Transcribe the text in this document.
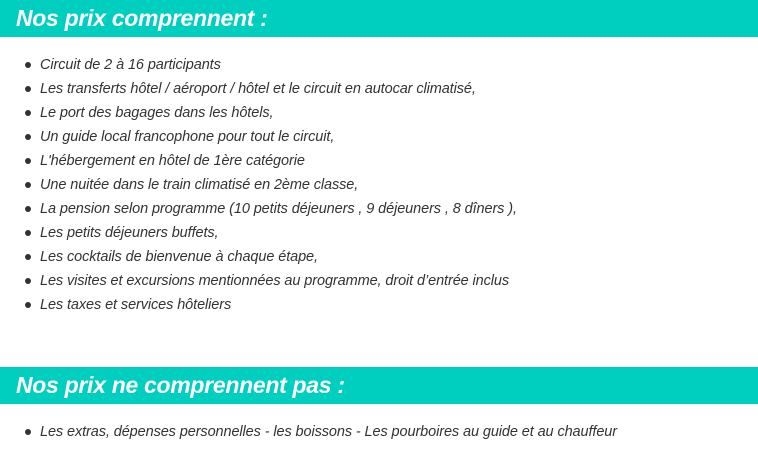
Nos prix comprennent :
Circuit de 2 à 16 participants
Les transferts hôtel / aéroport / hôtel et le circuit en autocar climatisé,
Le port des bagages dans les hôtels,
Un guide local francophone pour tout le circuit,
L'hébergement en hôtel de 1ère catégorie
Une nuitée dans le train climatisé en 2ème classe,
La pension selon programme (10 petits déjeuners , 9 déjeuners , 8 dîners ),
Les petits déjeuners buffets,
Les cocktails de bienvenue à chaque étape,
Les visites et excursions mentionnées au programme, droit d’entrée inclus
Les taxes et services hôteliers
Nos prix ne comprennent pas :
Les extras, dépenses personnelles - les boissons - Les pourboires au guide et au chauffeur
